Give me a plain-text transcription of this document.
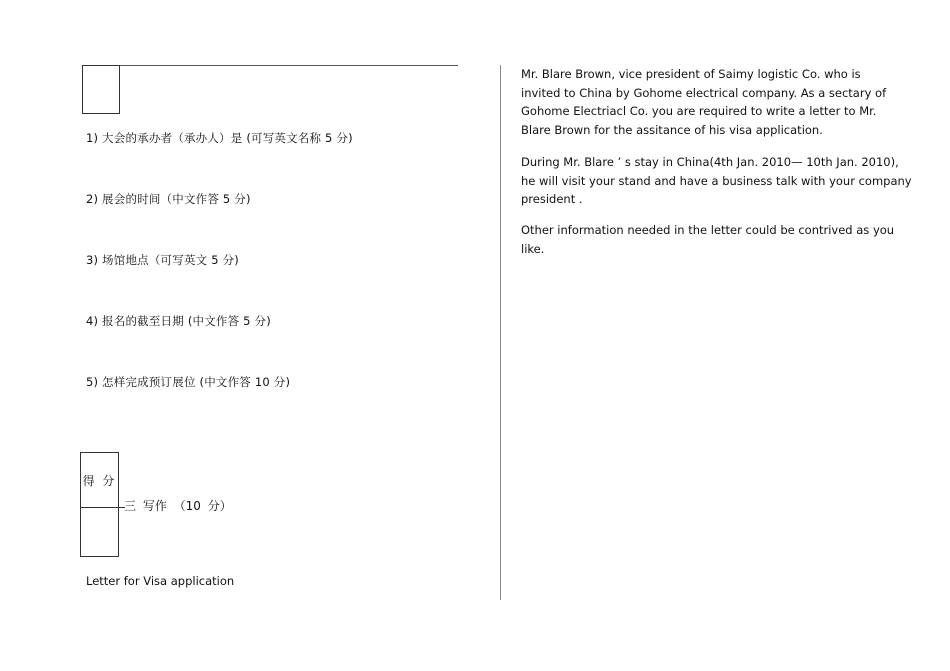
1) 大会的承办者（承办人）是 (可写英文名称 5 分)
2) 展会的时间（中文作答 5 分)
3) 场馆地点（可写英文 5 分)
4) 报名的截至日期 (中文作答 5 分)
5) 怎样完成预订展位 (中文作答 10 分)
得 分
三 写作 （10 分）
Letter for Visa application
Mr. Blare Brown, vice president of Saimy logistic Co. who is
invited to China by Gohome electrical company. As a sectary of
Gohome Electriacl Co. you are required to write a letter to Mr.
Blare Brown for the assitance of his visa application.
During Mr. Blare ’ s stay in China(4th Jan. 2010— 10th Jan. 2010),
he will visit your stand and have a business talk with your company
president .
Other information needed in the letter could be contrived as you
like.
